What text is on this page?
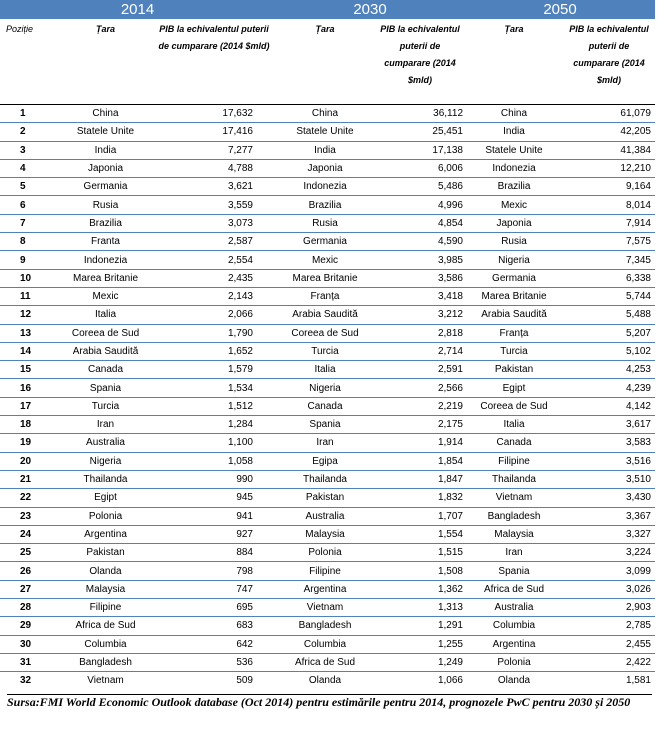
2014			2030		2050	
Poziție	Țara	PIB la echivalentul puterii de cumparare (2014 $mld)	Țara	PIB la echivalentul puterii de cumparare (2014 $mld)	Țara	PIB la echivalentul puterii de cumparare (2014 $mld)
1	China	17,632	China	36,112	China	61,079
2	Statele Unite	17,416	Statele Unite	25,451	India	42,205
3	India	7,277	India	17,138	Statele Unite	41,384
4	Japonia	4,788	Japonia	6,006	Indonezia	12,210
5	Germania	3,621	Indonezia	5,486	Brazilia	9,164
6	Rusia	3,559	Brazilia	4,996	Mexic	8,014
7	Brazilia	3,073	Rusia	4,854	Japonia	7,914
8	Franta	2,587	Germania	4,590	Rusia	7,575
9	Indonezia	2,554	Mexic	3,985	Nigeria	7,345
10	Marea Britanie	2,435	Marea Britanie	3,586	Germania	6,338
11	Mexic	2,143	Franța	3,418	Marea Britanie	5,744
12	Italia	2,066	Arabia Saudită	3,212	Arabia Saudită	5,488
13	Coreea de Sud	1,790	Coreea de Sud	2,818	Franța	5,207
14	Arabia Saudită	1,652	Turcia	2,714	Turcia	5,102
15	Canada	1,579	Italia	2,591	Pakistan	4,253
16	Spania	1,534	Nigeria	2,566	Egipt	4,239
17	Turcia	1,512	Canada	2,219	Coreea de Sud	4,142
18	Iran	1,284	Spania	2,175	Italia	3,617
19	Australia	1,100	Iran	1,914	Canada	3,583
20	Nigeria	1,058	Egipa	1,854	Filipine	3,516
21	Thailanda	990	Thailanda	1,847	Thailanda	3,510
22	Egipt	945	Pakistan	1,832	Vietnam	3,430
23	Polonia	941	Australia	1,707	Bangladesh	3,367
24	Argentina	927	Malaysia	1,554	Malaysia	3,327
25	Pakistan	884	Polonia	1,515	Iran	3,224
26	Olanda	798	Filipine	1,508	Spania	3,099
27	Malaysia	747	Argentina	1,362	Africa de Sud	3,026
28	Filipine	695	Vietnam	1,313	Australia	2,903
29	Africa de Sud	683	Bangladesh	1,291	Columbia	2,785
30	Columbia	642	Columbia	1,255	Argentina	2,455
31	Bangladesh	536	Africa de Sud	1,249	Polonia	2,422
32	Vietnam	509	Olanda	1,066	Olanda	1,581
Sursa:FMI World Economic Outlook database (Oct 2014) pentru estimările pentru 2014, prognozele PwC pentru 2030 și 2050
